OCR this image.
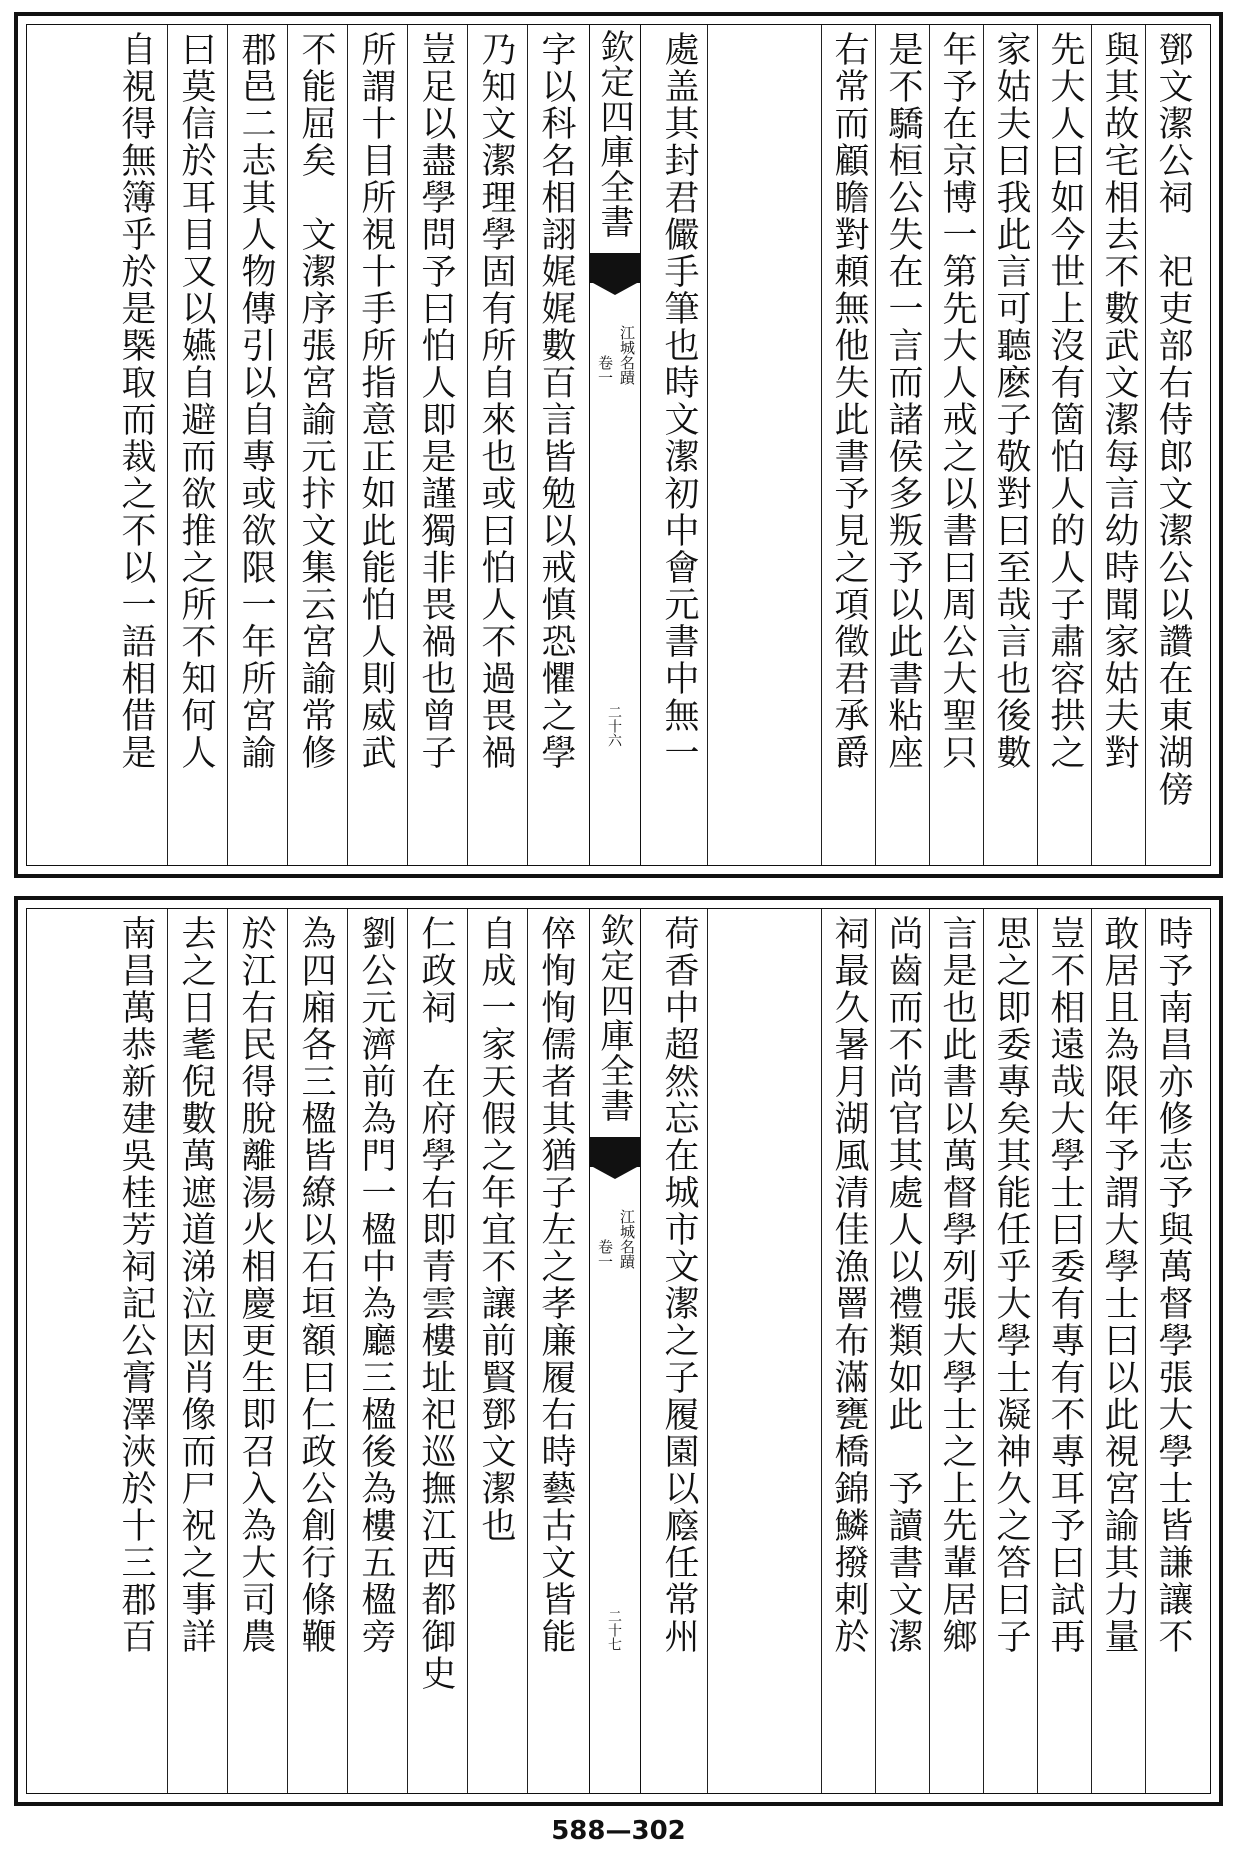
欽定四庫全書
江城名蹟
卷一
二十六	鄧文潔公祠　祀吏部右侍郎文潔公以讚在東湖傍
與其故宅相去不數武文潔每言幼時聞家姑夫對
先大人曰如今世上沒有箇怕人的人子肅容拱之
家姑夫曰我此言可聽麽子敬對曰至哉言也後數
年予在京博一第先大人戒之以書曰周公大聖只
是不驕桓公失在一言而諸侯多叛予以此書粘座
右常而顧瞻對頼無他失此書予見之項徵君承爵
處盖其封君儼手筆也時文潔初中會元書中無一
字以科名相詡娓娓數百言皆勉以戒慎恐懼之學
乃知文潔理學固有所自來也或曰怕人不過畏禍
豈足以盡學問予曰怕人即是謹獨非畏禍也曾子
所謂十目所視十手所指意正如此能怕人則威武
不能屈矣　文潔序張宮諭元抃文集云宮諭常修
郡邑二志其人物傳引以自專或欲限一年所宮諭
曰莫信於耳目又以嬿自避而欲推之所不知何人
自視得無簿乎於是槩取而裁之不以一語相借是
欽定四庫全書
江城名蹟
卷一
二十七	時予南昌亦修志予與萬督學張大學士皆謙讓不
敢居且為限年予謂大學士曰以此視宮諭其力量
豈不相遠哉大學士曰委有專有不專耳予曰試再
思之即委專矣其能任乎大學士凝神久之答曰子
言是也此書以萬督學列張大學士之上先輩居鄉
尚齒而不尚官其處人以禮類如此　予讀書文潔
祠最久暑月湖風清佳漁罾布滿甕橋錦鱗撥剌於
荷香中超然忘在城市文潔之子履園以廕任常州
倅恂恂儒者其猶子左之孝廉履右時藝古文皆能
自成一家天假之年宜不讓前賢鄧文潔也
仁政祠　在府學右即青雲樓址祀巡撫江西都御史
劉公元濟前為門一楹中為廳三楹後為樓五楹旁
為四廂各三楹皆繚以石垣額曰仁政公創行條鞭
於江右民得脫離湯火相慶更生即召入為大司農
去之日耄倪數萬遮道涕泣因肖像而尸祝之事詳
南昌萬恭新建吳桂芳祠記公膏澤浹於十三郡百
588—302
